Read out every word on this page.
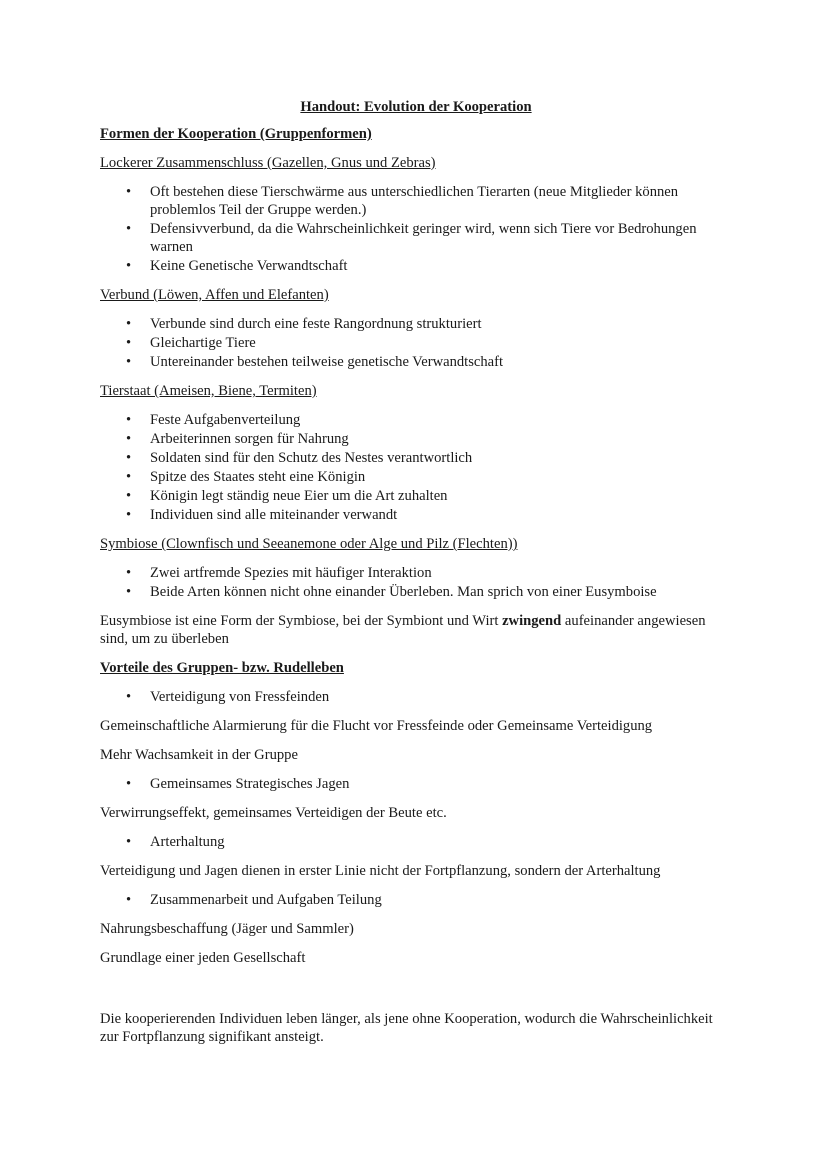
Handout: Evolution der Kooperation
Formen der Kooperation (Gruppenformen)
Lockerer Zusammenschluss (Gazellen, Gnus und Zebras)
• Oft bestehen diese Tierschwärme aus unterschiedlichen Tierarten (neue Mitglieder können problemlos Teil der Gruppe werden.)
• Defensivverbund, da die Wahrscheinlichkeit geringer wird, wenn sich Tiere vor Bedrohungen warnen
• Keine Genetische Verwandtschaft
Verbund (Löwen, Affen und Elefanten)
• Verbunde sind durch eine feste Rangordnung strukturiert
• Gleichartige Tiere
• Untereinander bestehen teilweise genetische Verwandtschaft
Tierstaat (Ameisen, Biene, Termiten)
• Feste Aufgabenverteilung
• Arbeiterinnen sorgen für Nahrung
• Soldaten sind für den Schutz des Nestes verantwortlich
• Spitze des Staates steht eine Königin
• Königin legt ständig neue Eier um die Art zuhalten
• Individuen sind alle miteinander verwandt
Symbiose (Clownfisch und Seeanemone oder Alge und Pilz (Flechten))
• Zwei artfremde Spezies mit häufiger Interaktion
• Beide Arten können nicht ohne einander Überleben. Man sprich von einer Eusymboise

Eusymbiose ist eine Form der Symbiose, bei der Symbiont und Wirt zwingend aufeinander angewiesen sind, um zu überleben

Vorteile des Gruppen- bzw. Rudelleben
• Verteidigung von Fressfeinden

Gemeinschaftliche Alarmierung für die Flucht vor Fressfeinde oder Gemeinsame Verteidigung

Mehr Wachsamkeit in der Gruppe

• Gemeinsames Strategisches Jagen

Verwirrungseffekt, gemeinsames Verteidigen der Beute etc.

• Arterhaltung

Verteidigung und Jagen dienen in erster Linie nicht der Fortpflanzung, sondern der Arterhaltung

• Zusammenarbeit und Aufgaben Teilung

Nahrungsbeschaffung (Jäger und Sammler)

Grundlage einer jeden Gesellschaft

Die kooperierenden Individuen leben länger, als jene ohne Kooperation, wodurch die Wahrscheinlichkeit zur Fortpflanzung signifikant ansteigt.
